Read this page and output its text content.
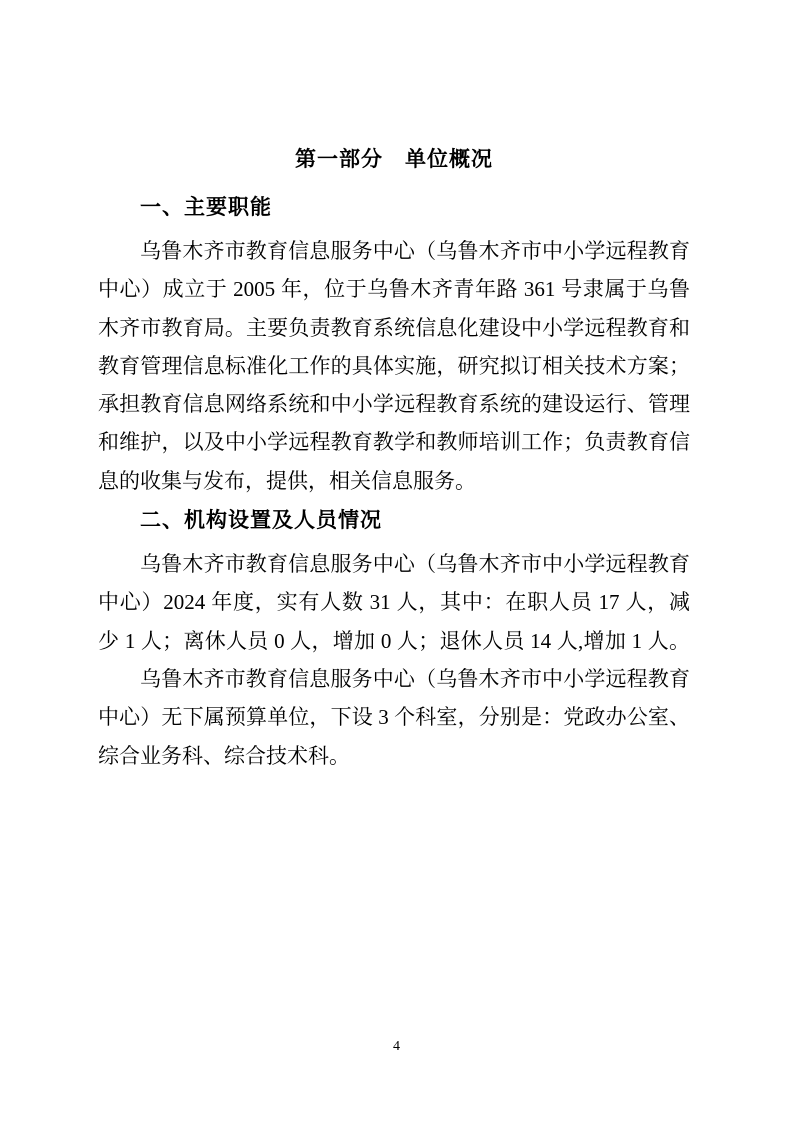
第一部分　单位概况
一、主要职能
乌鲁木齐市教育信息服务中心（乌鲁木齐市中小学远程教育
中心）成立于 2005 年，位于乌鲁木齐青年路 361 号隶属于乌鲁
木齐市教育局。主要负责教育系统信息化建设中小学远程教育和
教育管理信息标准化工作的具体实施，研究拟订相关技术方案；
承担教育信息网络系统和中小学远程教育系统的建设运行、管理
和维护，以及中小学远程教育教学和教师培训工作；负责教育信
息的收集与发布，提供，相关信息服务。
二、机构设置及人员情况
乌鲁木齐市教育信息服务中心（乌鲁木齐市中小学远程教育
中心）2024 年度，实有人数 31 人，其中：在职人员 17 人，减
少 1 人；离休人员 0 人，增加 0 人；退休人员 14 人,增加 1 人。
乌鲁木齐市教育信息服务中心（乌鲁木齐市中小学远程教育
中心）无下属预算单位，下设 3 个科室，分别是：党政办公室、
综合业务科、综合技术科。
4
